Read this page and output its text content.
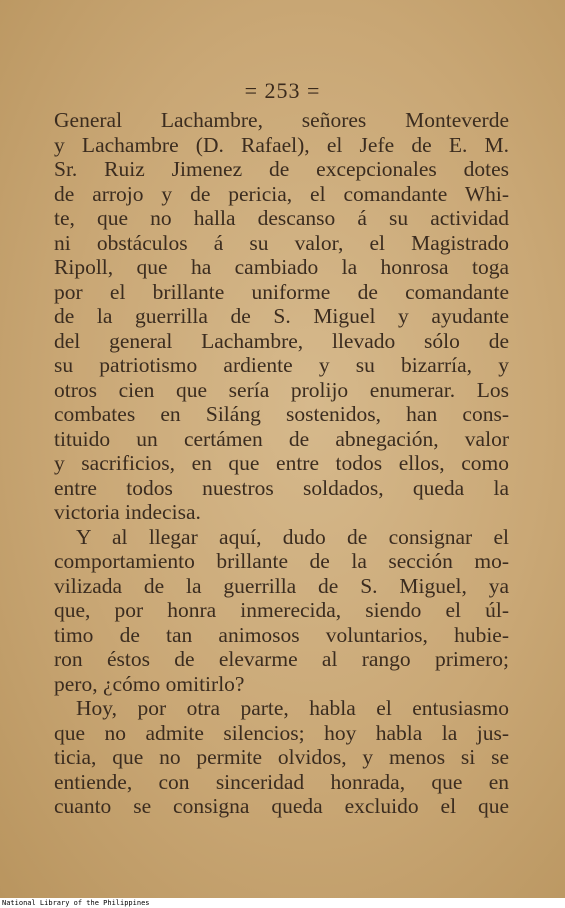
= 253 =
General Lachambre, señores Monteverde
y Lachambre (D. Rafael), el Jefe de E. M.
Sr. Ruiz Jimenez de excepcionales dotes
de arrojo y de pericia, el comandante Whi-
te, que no halla descanso á su actividad
ni obstáculos á su valor, el Magistrado
Ripoll, que ha cambiado la honrosa toga
por el brillante uniforme de comandante
de la guerrilla de S. Miguel y ayudante
del general Lachambre, llevado sólo de
su patriotismo ardiente y su bizarría, y
otros cien que sería prolijo enumerar. Los
combates en Siláng sostenidos, han cons-
tituido un certámen de abnegación, valor
y sacrificios, en que entre todos ellos, como
entre todos nuestros soldados, queda la
victoria indecisa.
Y al llegar aquí, dudo de consignar el
comportamiento brillante de la sección mo-
vilizada de la guerrilla de S. Miguel, ya
que, por honra inmerecida, siendo el úl-
timo de tan animosos voluntarios, hubie-
ron éstos de elevarme al rango primero;
pero, ¿cómo omitirlo?
Hoy, por otra parte, habla el entusiasmo
que no admite silencios; hoy habla la jus-
ticia, que no permite olvidos, y menos si se
entiende, con sinceridad honrada, que en
cuanto se consigna queda excluido el que
National Library of the Philippines
